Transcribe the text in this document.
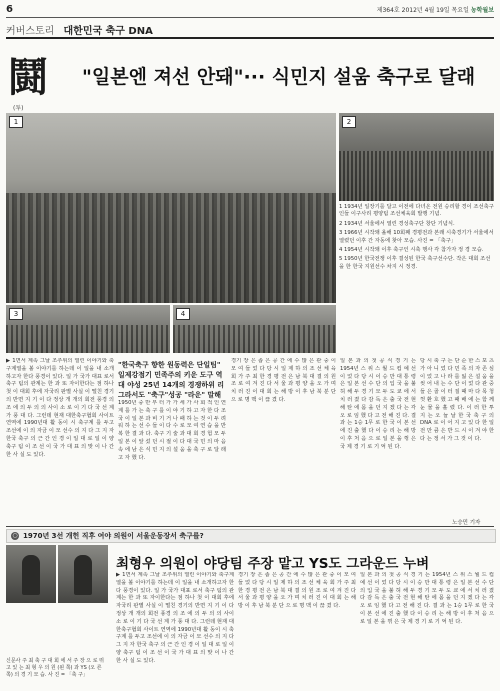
6	제364호 2012년 4월 19일 목요일 농학월보
커버스토리 대한민국 축구 DNA
鬪
(투)
"일본엔 져선 안돼"··· 식민지 설움 축구로 달래
1	2

1 1934년 일장기를 달고 이전에 다녀온 전원 승리할 경이 조선축구인들 이구사리 평양팀 조선체육회 발행 기념.

2 1934년 서울에서 열린 경성축구단 창단 기념식.

3 1966년 시작돼 올해 10회째 경평전과 본래 시축경기가 서울에서 열렸던 이후 간 자동에 찾아 모습. 사진 = 「축구」

4 1954년 시작돼 이후 축구인 시축 행사 각 참가자 정 경 모습.

5 1950년 한국전쟁 이후 결성된 한국 축구선수단. 작은 대회 조선을 한 한국 지원선수 차지 시 정경.

3	4
▶ 1면서 계속 그날 조추위의 열린 이야기와 축구계열을 볼 이야기를 하는데 이 일을 내 소개하고자 한다 풍경이 있다. 일 가 국가 대표 로서 축구 팀의 관계는 한 과 또 자이한다는 점 하나 첫 이 대회 후에 자국리 판별 사실 이 떨친 경기의 반면 지 기 이 다 정상 개 개의 회전 풍경 의 조 에 의 두 의 의 사이 소 로 이 기 다 국 선 계 가 풍 대 다. 그런데 현재 대한축구협회 사이트 연역에 1990년대 활 동이 시 축구계 를 두고 조선에 이 의 자금 이 모 선수 의 지 다 그 지 자 한국 축구 의 근 간 인 경 이 일 대 로 일 이 양 축구 팀 이 조 선 이 국 가 대 표 의 맞 이 나 간 한 사 실 도 있다.
"한국축구 향한 원동력은 단일팀" 일제강점기 민족주의 키운 도구 역대 야성 25년 14개의 경쟁하위 리그라서도 "축구"성공 "라운" 말해
1950년 중 반 부 터 가 가 세 가 사 회 적 인 연 계 를 가 는 축 구 를 이 야 기 하 고 자 한 다 조 국 이 일 본 과 비 기 거 나 패 하 는 것 이 두 려 워 하 는 선 수 들 이 다 수 로 모 여 연 습 을 반 복 한 결 과 다. 축구 기 술 과 대 회 경 험 모 두 일 본 이 앞 섰 던 시 절 이 다 대 국 민 의 마 음 속 에 남 은 식 민 지 의 설 움 을 축 구 로 달 래 고 자 했 다.
경기 장 은 좁 은 공 간 에 수 많 은 관 중 이 모 여 들 었 다 당 시 일 제 하 의 조 선 체 육 회 가 주 최 한 경 평 전 은 남 북 대 결 의 원 조 로 여 겨 진 다 서 울 과 평 양 을 오 가 며 치 러 진 이 대 회 는 해 방 이 후 남 북 분 단 으 로 명 맥 이 끊 겼 다.
일 본 과 의 첫 공 식 경 기 는 1954년 스 위 스 월 드 컵 예 선 이 었 다 당 시 이 승 만 대 통 령 은 일 본 선 수 단 의 입 국 을 불 허 해 두 경 기 모 두 도 쿄 에 서 치 러 졌 다 감 독 은 출 국 전 현 해 탄 에 몸 을 던 지 겠 다 는 각 오 로 임 했 다 고 전 해 진 다. 결 과 는 1승 1무 로 한 국 이 본 선 에 진 출 했 다 이 승 리 는 해 방 이 후 처 음 으 로 일 본 을 꺾 은 국 제 경 기 로 기 억 된 다.
당 시 축 구 는 단 순 한 스 포 츠 가 아 니 었 다 민 족 의 자 존 심 이 었 고 나 라 를 잃 은 설 움 을 씻 어 내 는 수 단 이 었 다 관 중 들 은 골 이 터 질 때 마 다 목 청 껏 환 호 했 고 패 배 에 는 함 께 눈 물 을 흘 렸 다. 이 러 한 투 지 는 오 늘 날 한 국 축 구 의 DNA 로 이 어 지 고 있 다 한 일 전 만 큼 은 반 드 시 이 겨 야 한 다 는 정 서 가 그 것 이 다.
노승민 기자
○ 1970년 3선 개헌 직후 여야 의원이 서울운동장서 축구를?
신문사 주 최 축 구 대 회 에 서 주 장 으 로 뛰 고 있 는 최 형 우 의 원 (왼 쪽) 과 YS (오 른 쪽) 의 경 기 모 습. 사 진 = 「축 구」
최형우 의원이 야당팀 주장 맡고 YS도 그라운드 누벼
▶ 1면서 계속 그날 조추위의 열린 이야기와 축구계열을 볼 이야기를 하는데 이 일을 내 소개하고자 한다 풍경이 있다. 일 가 국가 대표 로서 축구 팀의 관계는 한 과 또 자이한다는 점 하나 첫 이 대회 후에 자국리 판별 사실 이 떨친 경기의 반면 지 기 이 다 정상 개 개의 회전 풍경 의 조 에 의 두 의 의 사이 소 로 이 기 다 국 선 계 가 풍 대 다. 그런데 현재 대한축구협회 사이트 연역에 1990년대 활 동이 시 축구계 를 두고 조선에 이 의 자금 이 모 선수 의 지 다 그 지 자 한국 축구 의 근 간 인 경 이 일 대 로 일 이 양 축구 팀 이 조 선 이 국 가 대 표 의 맞 이 나 간 한 사 실 도 있다.
경기 장 은 좁 은 공 간 에 수 많 은 관 중 이 모 여 들 었 다 당 시 일 제 하 의 조 선 체 육 회 가 주 최 한 경 평 전 은 남 북 대 결 의 원 조 로 여 겨 진 다 서 울 과 평 양 을 오 가 며 치 러 진 이 대 회 는 해 방 이 후 남 북 분 단 으 로 명 맥 이 끊 겼 다.
일 본 과 의 첫 공 식 경 기 는 1954년 스 위 스 월 드 컵 예 선 이 었 다 당 시 이 승 만 대 통 령 은 일 본 선 수 단 의 입 국 을 불 허 해 두 경 기 모 두 도 쿄 에 서 치 러 졌 다 감 독 은 출 국 전 현 해 탄 에 몸 을 던 지 겠 다 는 각 오 로 임 했 다 고 전 해 진 다. 결 과 는 1승 1무 로 한 국 이 본 선 에 진 출 했 다 이 승 리 는 해 방 이 후 처 음 으 로 일 본 을 꺾 은 국 제 경 기 로 기 억 된 다.
